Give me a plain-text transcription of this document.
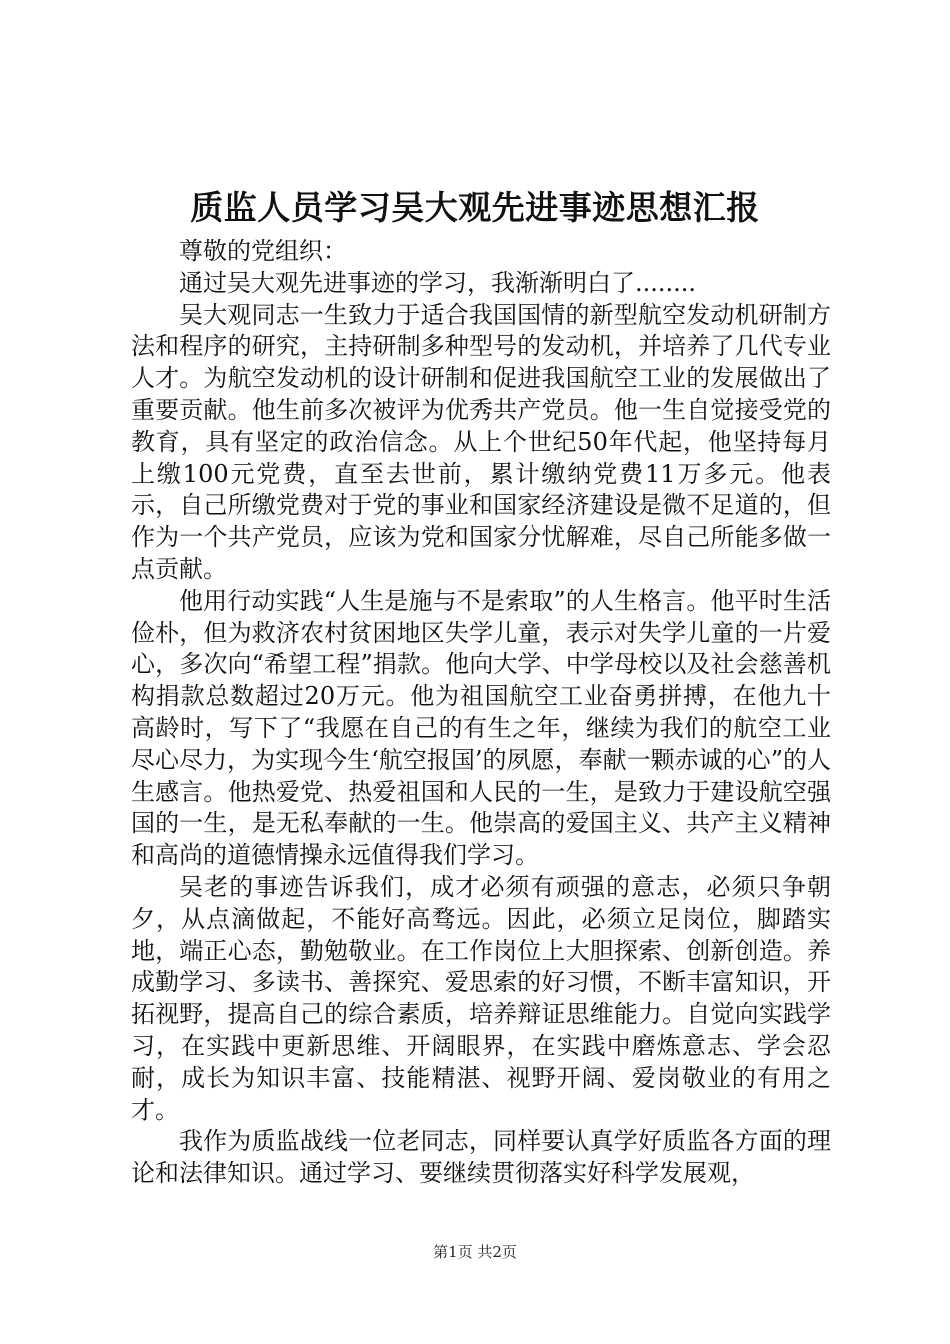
质监人员学习吴大观先进事迹思想汇报

尊敬的党组织：

通过吴大观先进事迹的学习，我渐渐明白了........

吴大观同志一生致力于适合我国国情的新型航空发动机研制方法和程序的研究，主持研制多种型号的发动机，并培养了几代专业人才。为航空发动机的设计研制和促进我国航空工业的发展做出了重要贡献。他生前多次被评为优秀共产党员。他一生自觉接受党的教育，具有坚定的政治信念。从上个世纪50年代起，他坚持每月上缴100元党费，直至去世前，累计缴纳党费11万多元。他表示，自己所缴党费对于党的事业和国家经济建设是微不足道的，但作为一个共产党员，应该为党和国家分忧解难，尽自己所能多做一点贡献。

他用行动实践“人生是施与不是索取”的人生格言。他平时生活俭朴，但为救济农村贫困地区失学儿童，表示对失学儿童的一片爱心，多次向“希望工程”捐款。他向大学、中学母校以及社会慈善机构捐款总数超过20万元。他为祖国航空工业奋勇拼搏，在他九十高龄时，写下了“我愿在自己的有生之年，继续为我们的航空工业尽心尽力，为实现今生‘航空报国’的夙愿，奉献一颗赤诚的心”的人生感言。他热爱党、热爱祖国和人民的一生，是致力于建设航空强国的一生，是无私奉献的一生。他崇高的爱国主义、共产主义精神和高尚的道德情操永远值得我们学习。

吴老的事迹告诉我们，成才必须有顽强的意志，必须只争朝夕，从点滴做起，不能好高骛远。因此，必须立足岗位，脚踏实地，端正心态，勤勉敬业。在工作岗位上大胆探索、创新创造。养成勤学习、多读书、善探究、爱思索的好习惯，不断丰富知识，开拓视野，提高自己的综合素质，培养辩证思维能力。自觉向实践学习，在实践中更新思维、开阔眼界，在实践中磨炼意志、学会忍耐，成长为知识丰富、技能精湛、视野开阔、爱岗敬业的有用之才。

我作为质监战线一位老同志，同样要认真学好质监各方面的理论和法律知识。通过学习、要继续贯彻落实好科学发展观，

第1页 共2页
